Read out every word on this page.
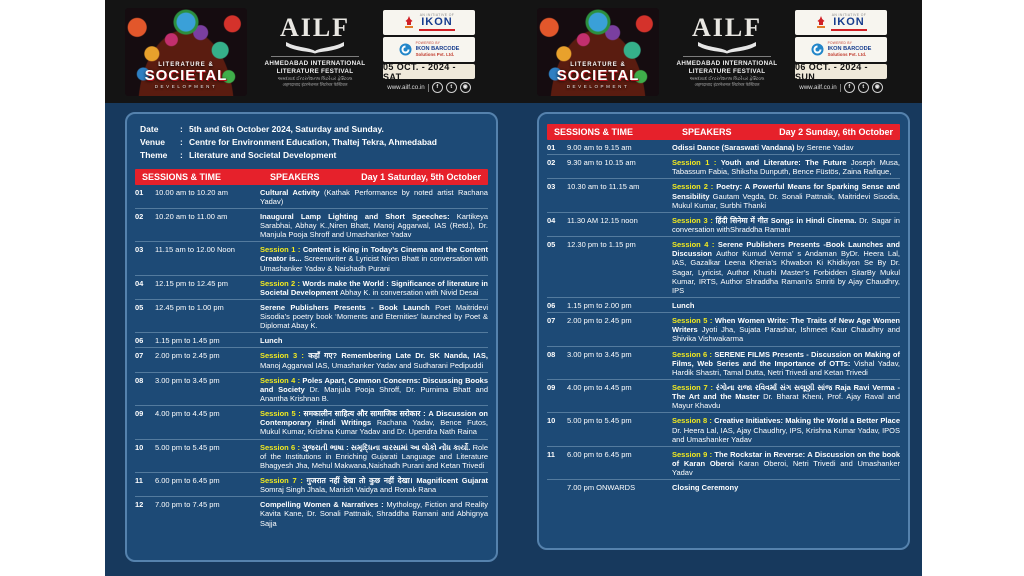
LITERATURE &
SOCIETAL
DEVELOPMENT
AILF
AHMEDABAD INTERNATIONAL
LITERATURE FESTIVAL
અમદાવાદ ઈન્ટરનેશનલ લિટરેચર ફેસ્ટિવલ
अहमदाबाद इंटरनेशनल लिटरेचर फेस्टिवल
AN INITIATIVE OF
IKON
POWERED BY
IKON BARCODE
Solutions Pvt. Ltd.
05 OCT. - 2024 - SAT
www.ailf.co.in	f	t	◉
LITERATURE &
SOCIETAL
DEVELOPMENT
AILF
AHMEDABAD INTERNATIONAL
LITERATURE FESTIVAL
અમદાવાદ ઈન્ટરનેશનલ લિટરેચર ફેસ્ટિવલ
अहमदाबाद इंटरनेशनल लिटरेचर फेस्टिवल
AN INITIATIVE OF
IKON
POWERED BY
IKON BARCODE
Solutions Pvt. Ltd.
06 OCT. - 2024 - SUN
www.ailf.co.in	f	t	◉
Date	: 5th and 6th October 2024, Saturday and Sunday.
Venue	: Centre for Environment Education, Thaltej Tekra, Ahmedabad
Theme	: Literature and Societal Development
SESSIONS & TIME	SPEAKERS	Day 1 Saturday, 5th October
01	10.00 am to 10.20 am	Cultural Activity (Kathak Performance by noted artist Rachana Yadav)
02	10.20 am to 11.00 am	Inaugural Lamp Lighting and Short Speeches: Kartikeya Sarabhai, Abhay K.,Niren Bhatt, Manoj Aggarwal, IAS (Retd.), Dr. Manjula Pooja Shroff and Umashanker Yadav
03	11.15 am to 12.00 Noon	Session 1 : Content is King in Today’s Cinema and the Content Creator is... Screenwriter & Lyricist Niren Bhatt in conversation with Umashanker Yadav & Naishadh Purani
04	12.15 pm to 12.45 pm	Session 2 : Words make the World : Significance of literature in Societal Development Abhay K. in conversation with Nivid Desai
05	12.45 pm to 1.00 pm	Serene Publishers Presents - Book Launch Poet Maitridevi Sisodia’s poetry book ‘Moments and Eternities’ launched by Poet & Diplomat Abay K.
06	1.15 pm to 1.45 pm	Lunch
07	2.00 pm to 2.45 pm	Session 3 : कहाँ गए? Remembering Late Dr. SK Nanda, IAS, Manoj Aggarwal IAS, Umashanker Yadav and Sudharani Pedipuddi
08	3.00 pm to 3.45 pm	Session 4 : Poles Apart, Common Concerns: Discussing Books and Society Dr. Manjula Pooja Shroff, Dr. Purnima Bhatt and Anantha Krishnan B.
09	4.00 pm to 4.45 pm	Session 5 : समकालीन साहित्य और सामाजिक सरोकार : A Discussion on Contemporary Hindi Writings Rachana Yadav, Bence Futos, Mukul Kumar, Krishna Kumar Yadav and Dr. Upendra Nath Raina
10	5.00 pm to 5.45 pm	Session 6 : ગુજરાતી ભાષા : સમૃદ્ધિના વારસામાં આ લોકો નોંધ કાર્યો. Role of the Institutions in Enriching Gujarati Language and Literature Bhagyesh Jha, Mehul Makwana,Naishadh Purani and Ketan Trivedi
11	6.00 pm to 6.45 pm	Session 7 : गुजरात नहीं देखा तो कुछ नहीं देखा। Magnificent Gujarat Somraj Singh Jhala, Manish Vaidya and Ronak Rana
12	7.00 pm to 7.45 pm	Compelling Women & Narratives : Mythology, Fiction and Reality Kavita Kane, Dr. Sonali Pattnaik, Shraddha Ramani and Abhignya Sajja
SESSIONS & TIME	SPEAKERS	Day 2 Sunday, 6th October
01	9.00 am to 9.15 am	Odissi Dance (Saraswati Vandana) by Serene Yadav
02	9.30 am to 10.15 am	Session 1 : Youth and Literature: The Future Joseph Musa, Tabassum Fabia, Shiksha Dunputh, Bence Füstös, Zaina Rafique,
03	10.30 am to 11.15 am	Session 2 : Poetry: A Powerful Means for Sparking Sense and Sensibility Gautam Vegda, Dr. Sonali Pattnaik, Maitridevi Sisodia, Mukul Kumar, Surbhi Thanki
04	11.30 AM 12.15 noon	Session 3 : हिंदी सिनेमा में गीत Songs in Hindi Cinema. Dr. Sagar in conversation withShraddha Ramani
05	12.30 pm to 1.15 pm	Session 4 : Serene Publishers Presents -Book Launches and Discussion Author Kumud Verma’ s Andaman ByDr. Heera Lal, IAS, Gazalkar Leena Kheria’s Khwabon Ki Khidkiyon Se By Dr. Sagar, Lyricist, Author Khushi Master’s Forbidden SitarBy Mukul Kumar, IRTS, Author Shraddha Ramani’s Smriti by Ajay Chaudhry, IPS
06	1.15 pm to 2.00 pm	Lunch
07	2.00 pm to 2.45 pm	Session 5 : When Women Write: The Traits of New Age Women Writers Jyoti Jha, Sujata Parashar, Ishmeet Kaur Chaudhry and Shivika Vishwakarma
08	3.00 pm to 3.45 pm	Session 6 : SERENE FILMS Presents - Discussion on Making of Films, Web Series and the Importance of OTTs: Vishal Yadav, Hardik Shastri, Tamal Dutta, Netri Trivedi and Ketan Trivedi
09	4.00 pm to 4.45 pm	Session 7 : રંગોના રાજા રવિવર્મા સંગ સલૂણી સાંજ Raja Ravi Verma -The Art and the Master Dr. Bharat Kheni, Prof. Ajay Raval and Mayur Khavdu
10	5.00 pm to 5.45 pm	Session 8 : Creative Initiatives: Making the World a Better Place Dr. Heera Lal, IAS, Ajay Chaudhry, IPS, Krishna Kumar Yadav, IPOS and Umashanker Yadav
11	6.00 pm to 6.45 pm	Session 9 : The Rockstar in Reverse: A Discussion on the book of Karan Oberoi Karan Oberoi, Netri Trivedi and Umashanker Yadav
7.00 pm ONWARDS	Closing Ceremony
